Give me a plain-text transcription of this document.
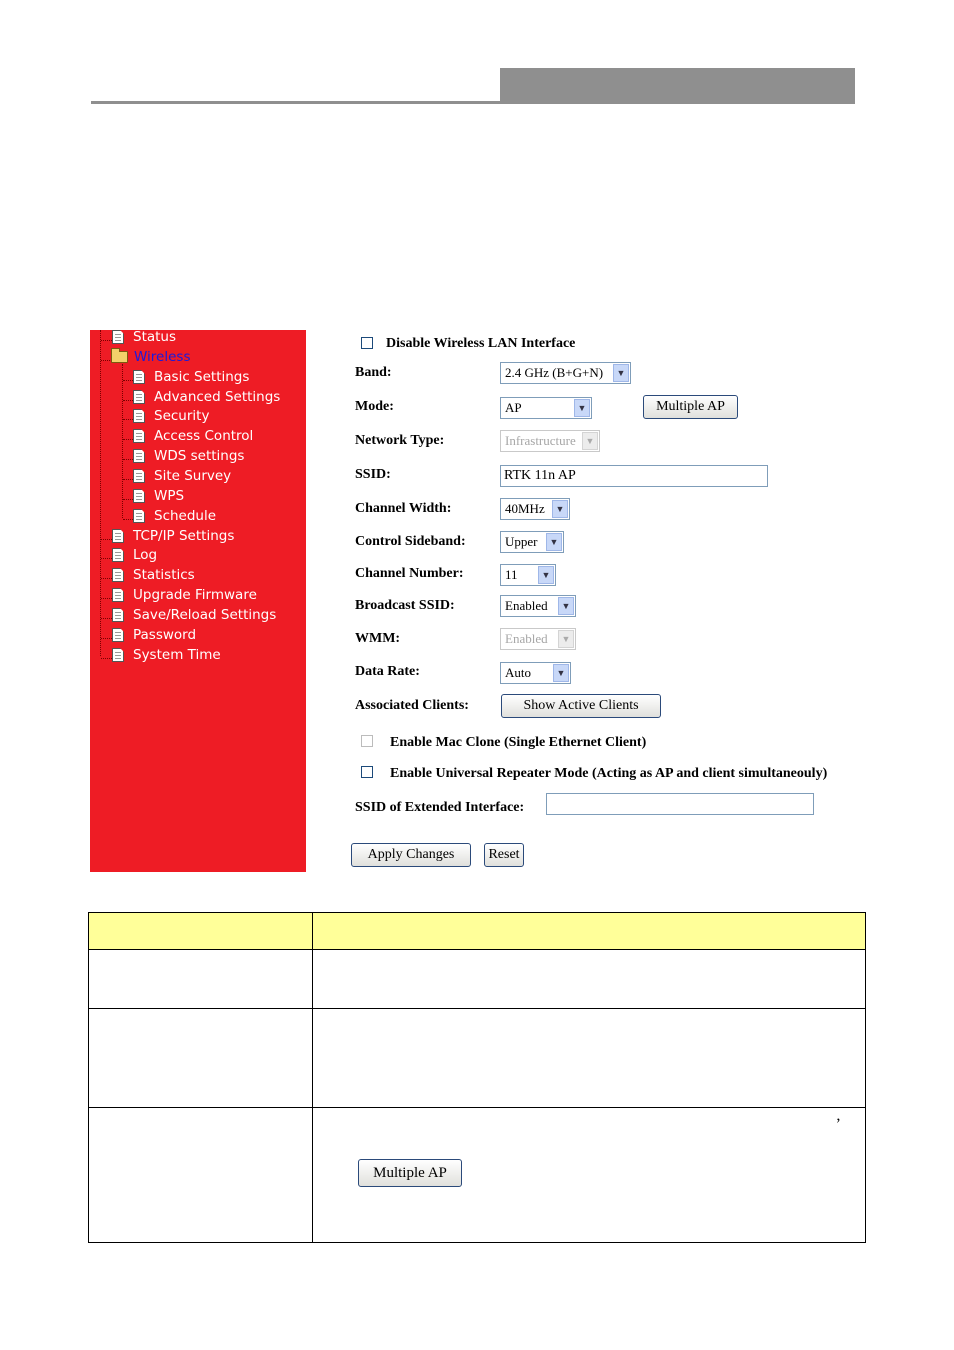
Status
Wireless
Basic Settings
Advanced Settings
Security
Access Control
WDS settings
Site Survey
WPS
Schedule
TCP/IP Settings
Log
Statistics
Upgrade Firmware
Save/Reload Settings
Password
System Time
Disable Wireless LAN Interface
Band:	2.4 GHz (B+G+N)	▼
Mode:	AP	▼	Multiple AP
Network Type:	Infrastructure	▼
SSID:	RTK 11n AP
Channel Width:	40MHz	▼
Control Sideband:	Upper	▼
Channel Number:	11	▼
Broadcast SSID:	Enabled	▼
WMM:	Enabled	▼
Data Rate:	Auto	▼
Associated Clients:	Show Active Clients
Enable Mac Clone (Single Ethernet Client)
Enable Universal Repeater Mode (Acting as AP and client simultaneouly)
SSID of Extended Interface:
Apply Changes	Reset

	’
Multiple AP
